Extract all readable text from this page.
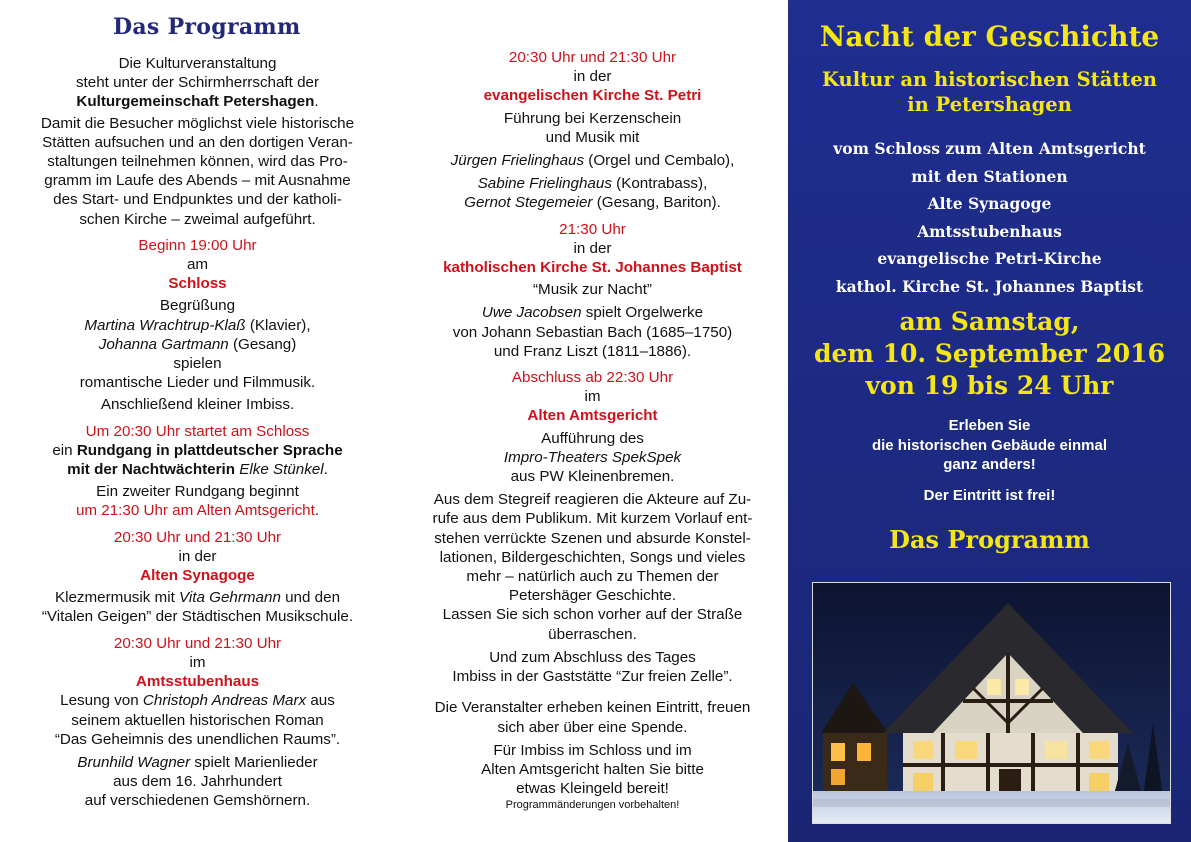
Das Programm

Die Kulturveranstaltung
steht unter der Schirmherrschaft der
Kulturgemeinschaft Petershagen.

Damit die Besucher möglichst viele historische
Stätten aufsuchen und an den dortigen Veran-
staltungen teilnehmen können, wird das Pro-
gramm im Laufe des Abends – mit Ausnahme
des Start- und Endpunktes und der katholi-
schen Kirche – zweimal aufgeführt.

Beginn 19:00 Uhr
am
Schloss

Begrüßung
Martina Wrachtrup-Klaß (Klavier),
Johanna Gartmann (Gesang)
spielen
romantische Lieder und Filmmusik.
Anschließend kleiner Imbiss.

Um 20:30 Uhr startet am Schloss
ein Rundgang in plattdeutscher Sprache
mit der Nachtwächterin Elke Stünkel.

Ein zweiter Rundgang beginnt
um 21:30 Uhr am Alten Amtsgericht.

20:30 Uhr und 21:30 Uhr
in der
Alten Synagoge

Klezmermusik mit Vita Gehrmann und den
“Vitalen Geigen” der Städtischen Musikschule.

20:30 Uhr und 21:30 Uhr
im
Amtsstubenhaus

Lesung von Christoph Andreas Marx aus
seinem aktuellen historischen Roman
“Das Geheimnis des unendlichen Raums”.
Brunhild Wagner spielt Marienlieder
aus dem 16. Jahrhundert
auf verschiedenen Gemshörnern.

20:30 Uhr und 21:30 Uhr
in der
evangelischen Kirche St. Petri

Führung bei Kerzenschein
und Musik mit
Jürgen Frielinghaus (Orgel und Cembalo),
Sabine Frielinghaus (Kontrabass),
Gernot Stegemeier (Gesang, Bariton).

21:30 Uhr
in der
katholischen Kirche St. Johannes Baptist

“Musik zur Nacht”
Uwe Jacobsen spielt Orgelwerke
von Johann Sebastian Bach (1685–1750)
und Franz Liszt (1811–1886).

Abschluss ab 22:30 Uhr
im
Alten Amtsgericht

Aufführung des
Impro-Theaters SpekSpek
aus PW Kleinenbremen.

Aus dem Stegreif reagieren die Akteure auf Zu-
rufe aus dem Publikum. Mit kurzem Vorlauf ent-
stehen verrückte Szenen und absurde Konstel-
lationen, Bildergeschichten, Songs und vieles
mehr – natürlich auch zu Themen der
Petershäger Geschichte.
Lassen Sie sich schon vorher auf der Straße
überraschen.

Und zum Abschluss des Tages
Imbiss in der Gaststätte “Zur freien Zelle”.

Die Veranstalter erheben keinen Eintritt, freuen
sich aber über eine Spende.

Für Imbiss im Schloss und im
Alten Amtsgericht halten Sie bitte
etwas Kleingeld bereit!

Programmänderungen vorbehalten!

Nacht der Geschichte
Kultur an historischen Stätten
in Petershagen
vom Schloss zum Alten Amtsgericht
mit den Stationen
Alte Synagoge
Amtsstubenhaus
evangelische Petri-Kirche
kathol. Kirche St. Johannes Baptist
am Samstag,
dem 10. September 2016
von 19 bis 24 Uhr

Erleben Sie
die historischen Gebäude einmal
ganz anders!

Der Eintritt ist frei!

Das Programm
